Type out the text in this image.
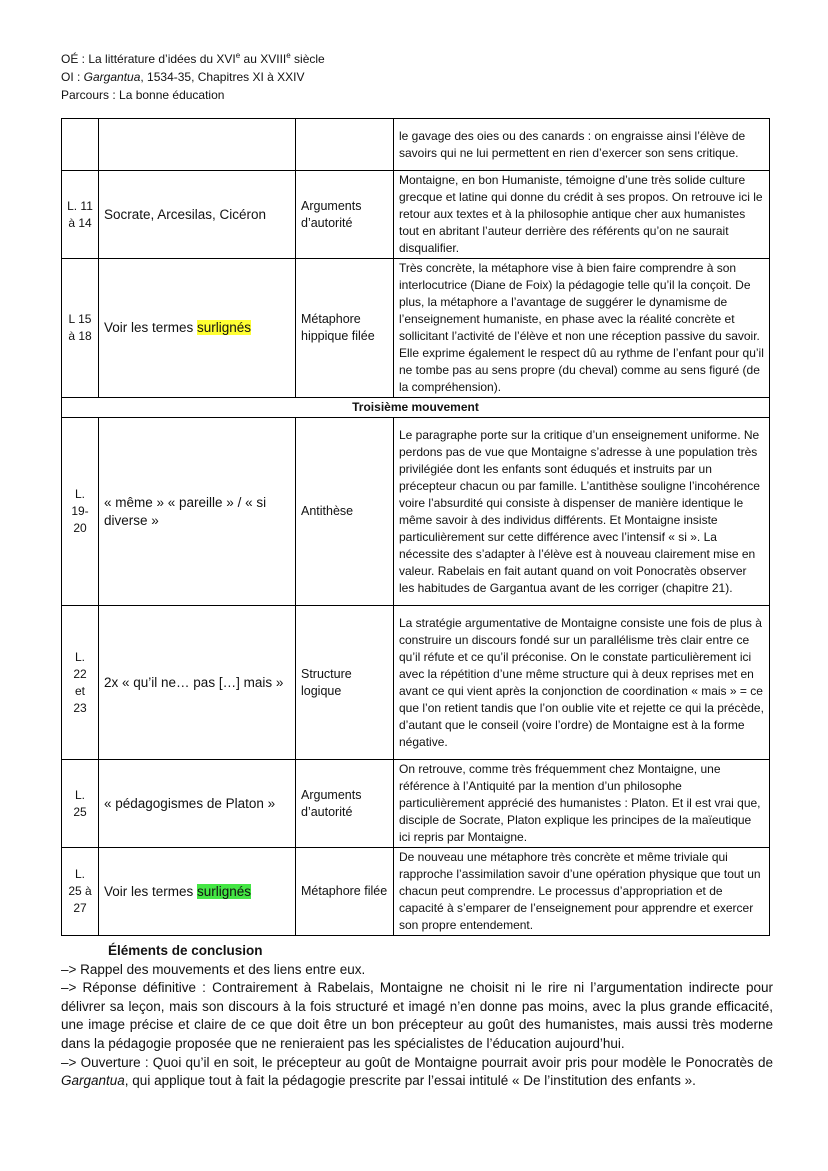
OÉ : La littérature d’idées du XVIe au XVIIIe siècle
OI : Gargantua, 1534-35, Chapitres XI à XXIV
Parcours : La bonne éducation
			le gavage des oies ou des canards : on engraisse ainsi l’élève de savoirs qui ne lui permettent en rien d’exercer son sens critique.
L. 11 à 14	Socrate, Arcesilas, Cicéron	Arguments d’autorité	Montaigne, en bon Humaniste, témoigne d’une très solide culture grecque et latine qui donne du crédit à ses propos. On retrouve ici le retour aux textes et à la philosophie antique cher aux humanistes tout en abritant l’auteur derrière des référents qu’on ne saurait disqualifier.
L 15 à 18	Voir les termes surlignés	Métaphore hippique filée	Très concrète, la métaphore vise à bien faire comprendre à son interlocutrice (Diane de Foix) la pédagogie telle qu’il la conçoit. De plus, la métaphore a l’avantage de suggérer le dynamisme de l’enseignement humaniste, en phase avec la réalité concrète et sollicitant l’activité de l’élève et non une réception passive du savoir. Elle exprime également le respect dû au rythme de l’enfant pour qu’il ne tombe pas au sens propre (du cheval) comme au sens figuré (de la compréhension).
Troisième mouvement			
L. 19-20	« même » « pareille » / « si diverse »	Antithèse	Le paragraphe porte sur la critique d’un enseignement uniforme. Ne perdons pas de vue que Montaigne s’adresse à une population très privilégiée dont les enfants sont éduqués et instruits par un précepteur chacun ou par famille. L’antithèse souligne l’incohérence voire l’absurdité qui consiste à dispenser de manière identique le même savoir à des individus différents. Et Montaigne insiste particulièrement sur cette différence avec l’intensif « si ». La nécessite des s’adapter à l’élève est à nouveau clairement mise en valeur. Rabelais en fait autant quand on voit Ponocratès observer les habitudes de Gargantua avant de les corriger (chapitre 21).
L. 22 et 23	2x « qu’il ne… pas […] mais »	Structure logique	La stratégie argumentative de Montaigne consiste une fois de plus à construire un discours fondé sur un parallélisme très clair entre ce qu’il réfute et ce qu’il préconise. On le constate particulièrement ici avec la répétition d’une même structure qui à deux reprises met en avant ce qui vient après la conjonction de coordination « mais » = ce que l’on retient tandis que l’on oublie vite et rejette ce qui la précède, d’autant que le conseil (voire l’ordre) de Montaigne est à la forme négative.
L. 25	« pédagogismes de Platon »	Arguments d’autorité	On retrouve, comme très fréquemment chez Montaigne, une référence à l’Antiquité par la mention d’un philosophe particulièrement apprécié des humanistes : Platon. Et il est vrai que, disciple de Socrate, Platon explique les principes de la maïeutique ici repris par Montaigne.
L. 25 à 27	Voir les termes surlignés	Métaphore filée	De nouveau une métaphore très concrète et même triviale qui rapproche l’assimilation savoir d’une opération physique que tout un chacun peut comprendre. Le processus d’appropriation et de capacité à s’emparer de l’enseignement pour apprendre et exercer son propre entendement.
Éléments de conclusion

–> Rappel des mouvements et des liens entre eux.

–> Réponse définitive : Contrairement à Rabelais, Montaigne ne choisit ni le rire ni l’argumentation indirecte pour délivrer sa leçon, mais son discours à la fois structuré et imagé n’en donne pas moins, avec la plus grande efficacité, une image précise et claire de ce que doit être un bon précepteur au goût des humanistes, mais aussi très moderne dans la pédagogie proposée que ne renieraient pas les spécialistes de l’éducation aujourd’hui.

–> Ouverture : Quoi qu’il en soit, le précepteur au goût de Montaigne pourrait avoir pris pour modèle le Ponocratès de Gargantua, qui applique tout à fait la pédagogie prescrite par l’essai intitulé « De l’institution des enfants ».
